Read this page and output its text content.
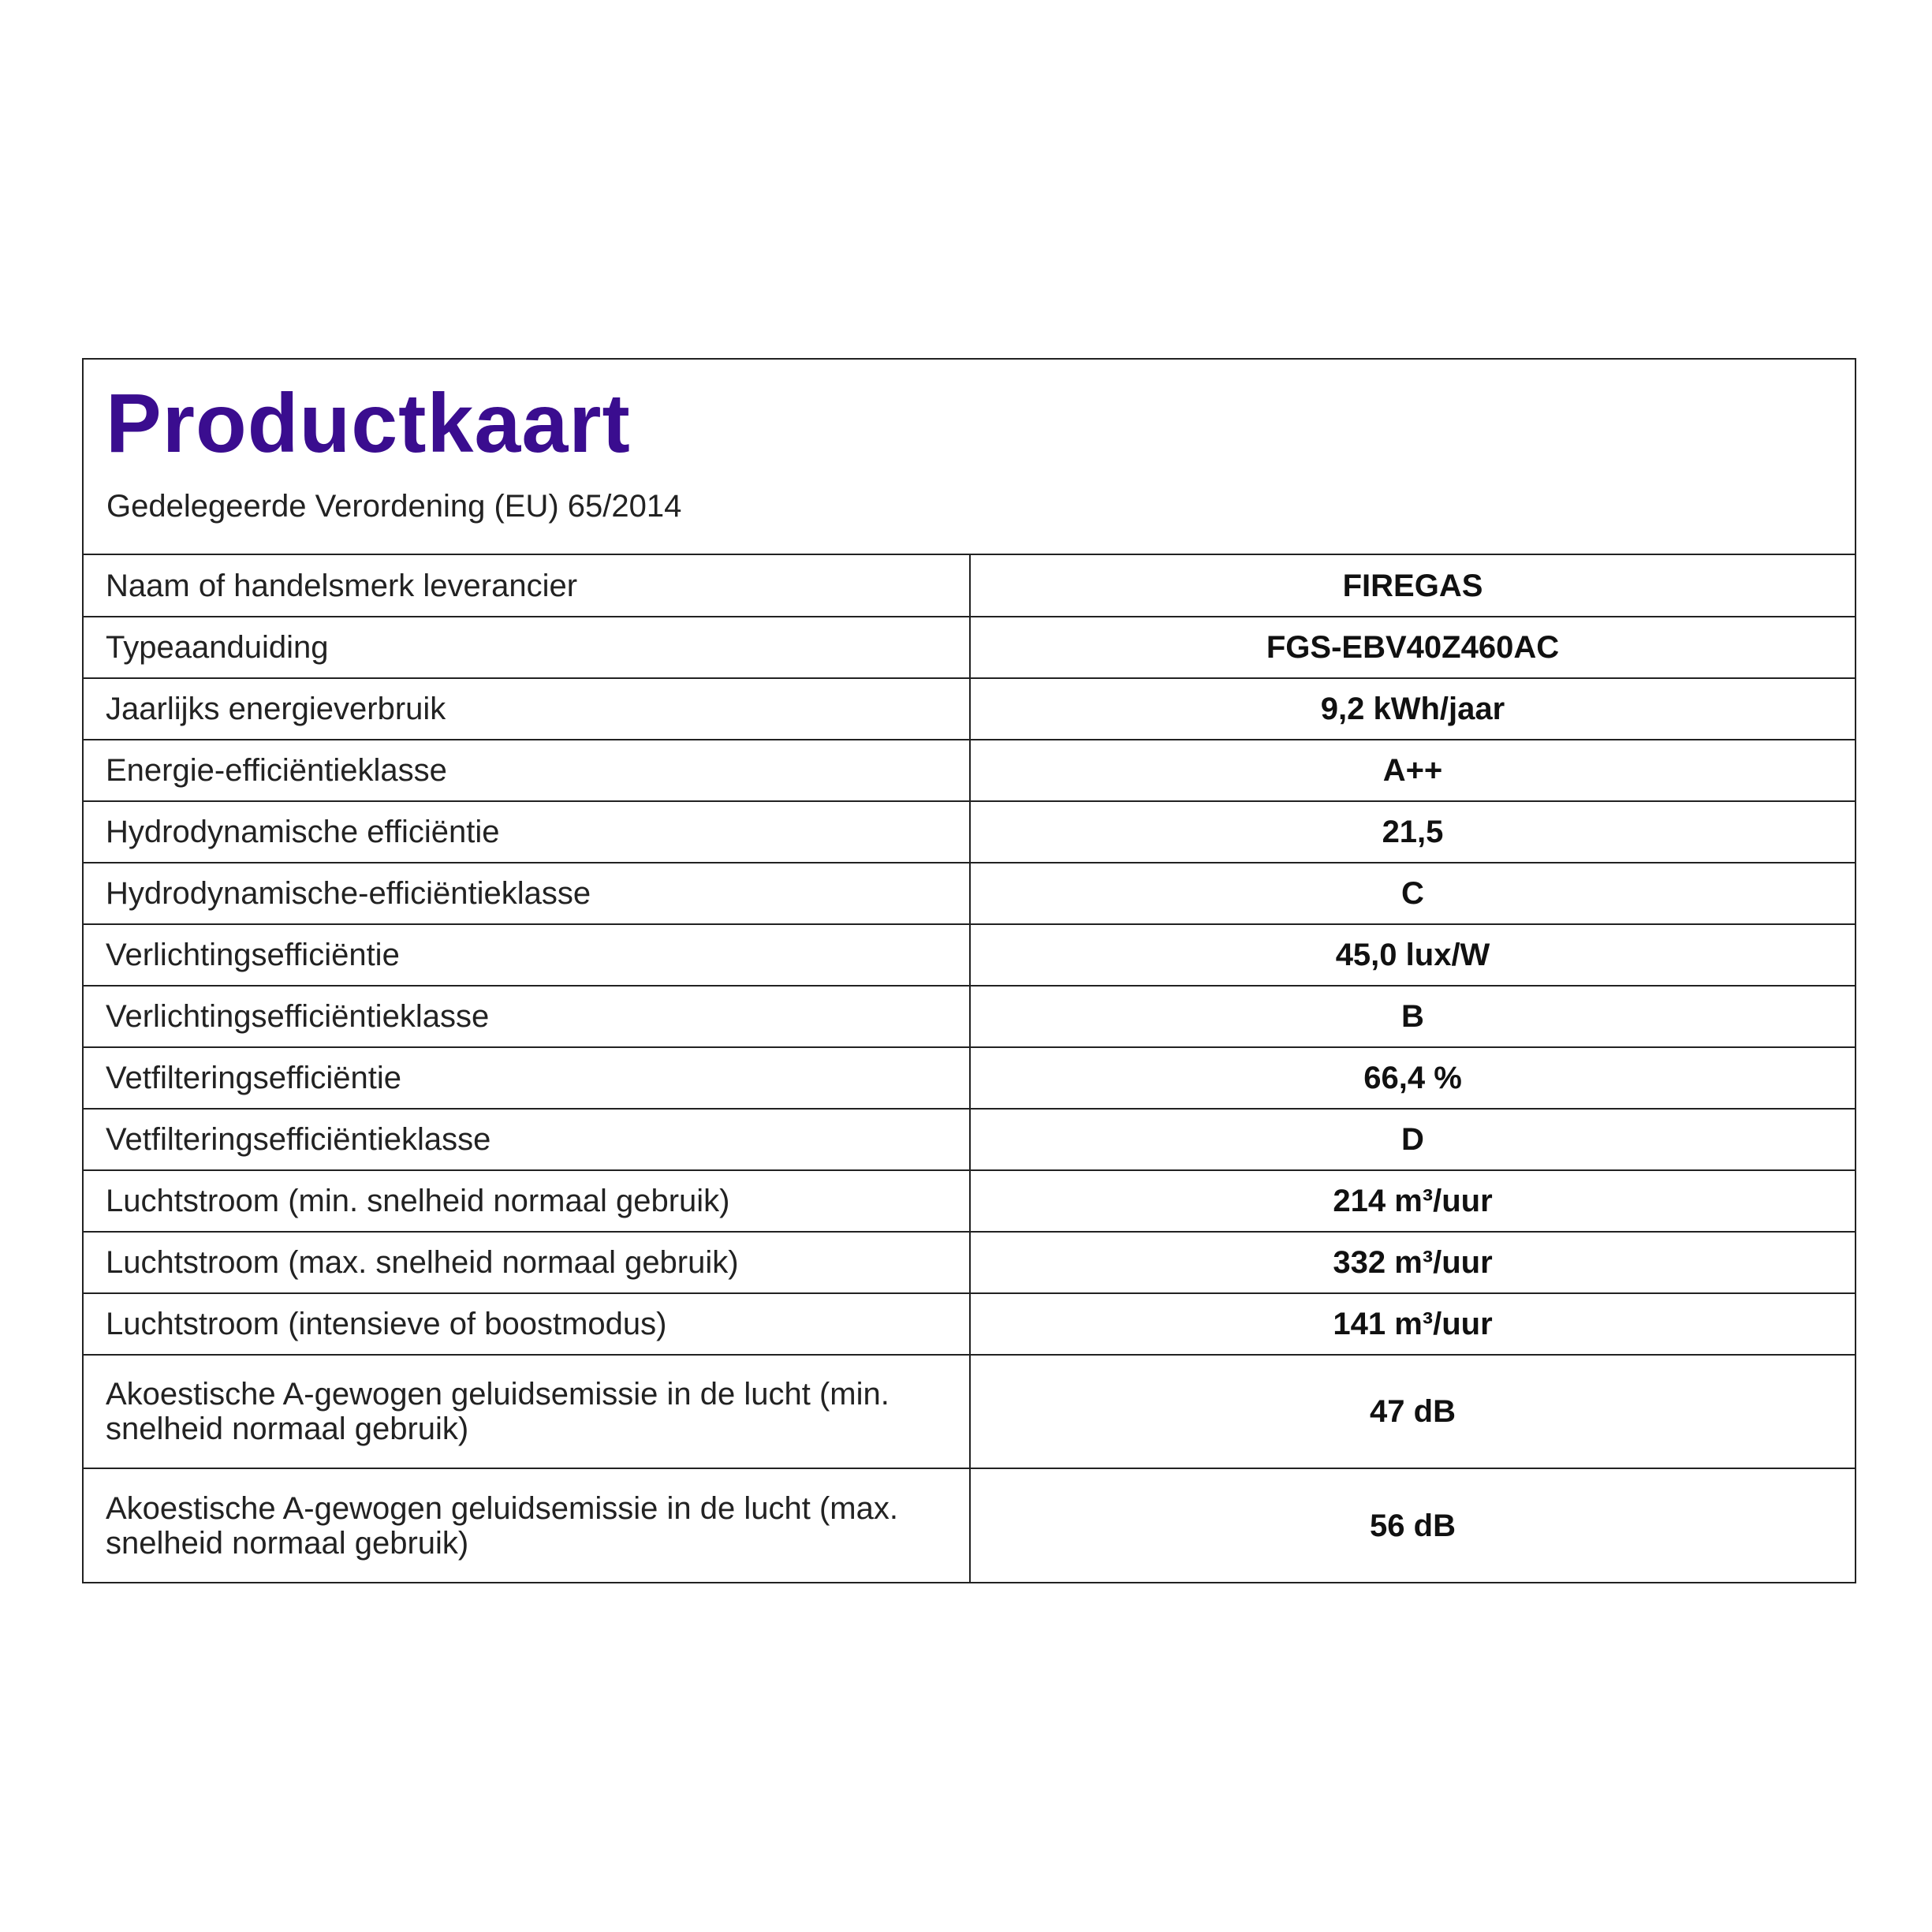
Productkaart

Gedelegeerde Verordening (EU) 65/2014

Naam of handelsmerk leverancier	FIREGAS
Typeaanduiding	FGS-EBV40Z460AC
Jaarlijks energieverbruik	9,2 kWh/jaar
Energie-efficiëntieklasse	A++
Hydrodynamische efficiëntie	21,5
Hydrodynamische-efficiëntieklasse	C
Verlichtingsefficiëntie	45,0 lux/W
Verlichtingsefficiëntieklasse	B
Vetfilteringsefficiëntie	66,4 %
Vetfilteringsefficiëntieklasse	D
Luchtstroom (min. snelheid normaal gebruik)	214 m³/uur
Luchtstroom (max. snelheid normaal gebruik)	332 m³/uur
Luchtstroom (intensieve of boostmodus)	141 m³/uur
Akoestische A-gewogen geluidsemissie in de lucht (min. snelheid normaal gebruik)	47 dB
Akoestische A-gewogen geluidsemissie in de lucht (max. snelheid normaal gebruik)	56 dB
